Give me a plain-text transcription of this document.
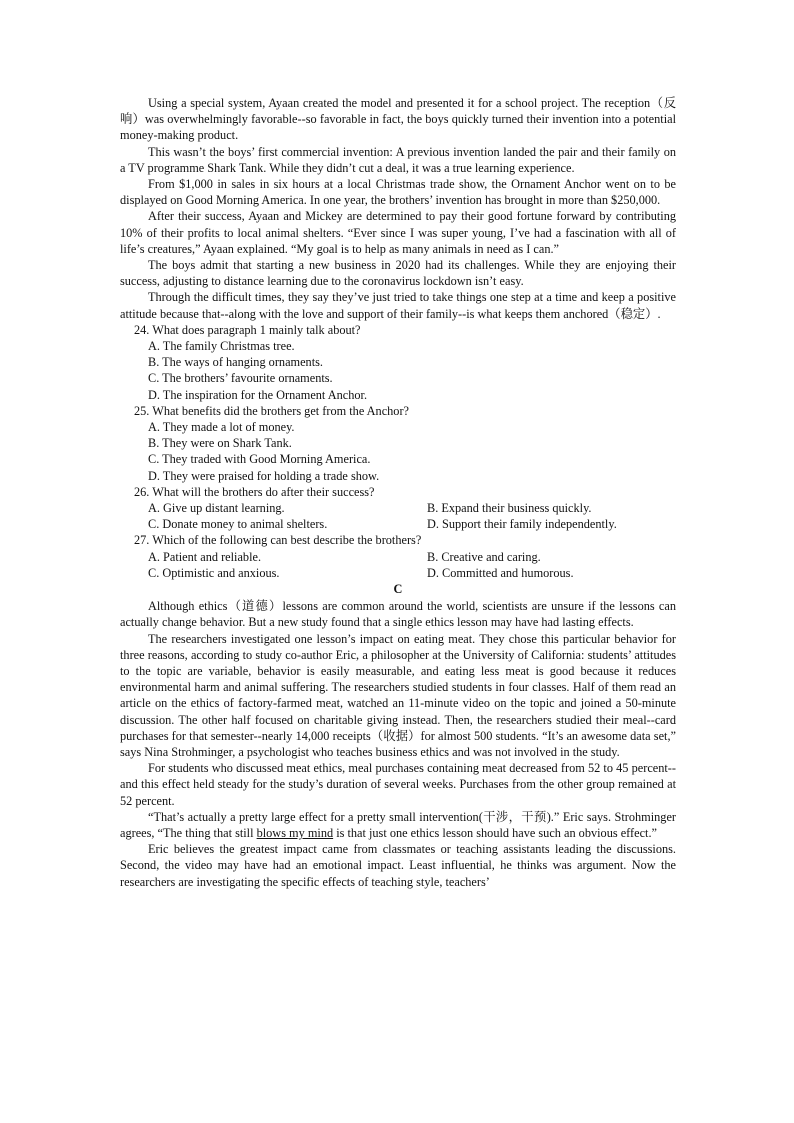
Using a special system, Ayaan created the model and presented it for a school project. The reception（反响）was overwhelmingly favorable--so favorable in fact, the boys quickly turned their invention into a potential money-making product.

This wasn’t the boys’ first commercial invention: A previous invention landed the pair and their family on a TV programme Shark Tank. While they didn’t cut a deal, it was a true learning experience.

From $1,000 in sales in six hours at a local Christmas trade show, the Ornament Anchor went on to be displayed on Good Morning America. In one year, the brothers’ invention has brought in more than $250,000.

After their success, Ayaan and Mickey are determined to pay their good fortune forward by contributing 10% of their profits to local animal shelters. “Ever since I was super young, I’ve had a fascination with all of life’s creatures,” Ayaan explained. “My goal is to help as many animals in need as I can.”

The boys admit that starting a new business in 2020 had its challenges. While they are enjoying their success, adjusting to distance learning due to the coronavirus lockdown isn’t easy.

Through the difficult times, they say they’ve just tried to take things one step at a time and keep a positive attitude because that--along with the love and support of their family--is what keeps them anchored（稳定）.

24. What does paragraph 1 mainly talk about?
A. The family Christmas tree.
B. The ways of hanging ornaments.
C. The brothers’ favourite ornaments.
D. The inspiration for the Ornament Anchor.
25. What benefits did the brothers get from the Anchor?
A. They made a lot of money.
B. They were on Shark Tank.
C. They traded with Good Morning America.
D. They were praised for holding a trade show.
26. What will the brothers do after their success?
A. Give up distant learning.	B. Expand their business quickly.
C. Donate money to animal shelters.	D. Support their family independently.
27. Which of the following can best describe the brothers?
A. Patient and reliable.	B. Creative and caring.
C. Optimistic and anxious.	D. Committed and humorous.
C

Although ethics（道德）lessons are common around the world, scientists are unsure if the lessons can actually change behavior. But a new study found that a single ethics lesson may have had lasting effects.

The researchers investigated one lesson’s impact on eating meat. They chose this particular behavior for three reasons, according to study co-author Eric, a philosopher at the University of California: students’ attitudes to the topic are variable, behavior is easily measurable, and eating less meat is good because it reduces environmental harm and animal suffering. The researchers studied students in four classes. Half of them read an article on the ethics of factory-farmed meat, watched an 11-minute video on the topic and joined a 50-minute discussion. The other half focused on charitable giving instead. Then, the researchers studied their meal--card purchases for that semester--nearly 14,000 receipts（收据）for almost 500 students. “It’s an awesome data set,” says Nina Strohminger, a psychologist who teaches business ethics and was not involved in the study.

For students who discussed meat ethics, meal purchases containing meat decreased from 52 to 45 percent--and this effect held steady for the study’s duration of several weeks. Purchases from the other group remained at 52 percent.

“That’s actually a pretty large effect for a pretty small intervention(干涉，干预).” Eric says. Strohminger agrees, “The thing that still blows my mind is that just one ethics lesson should have such an obvious effect.”

Eric believes the greatest impact came from classmates or teaching assistants leading the discussions. Second, the video may have had an emotional impact. Least influential, he thinks was argument. Now the researchers are investigating the specific effects of teaching style, teachers’
